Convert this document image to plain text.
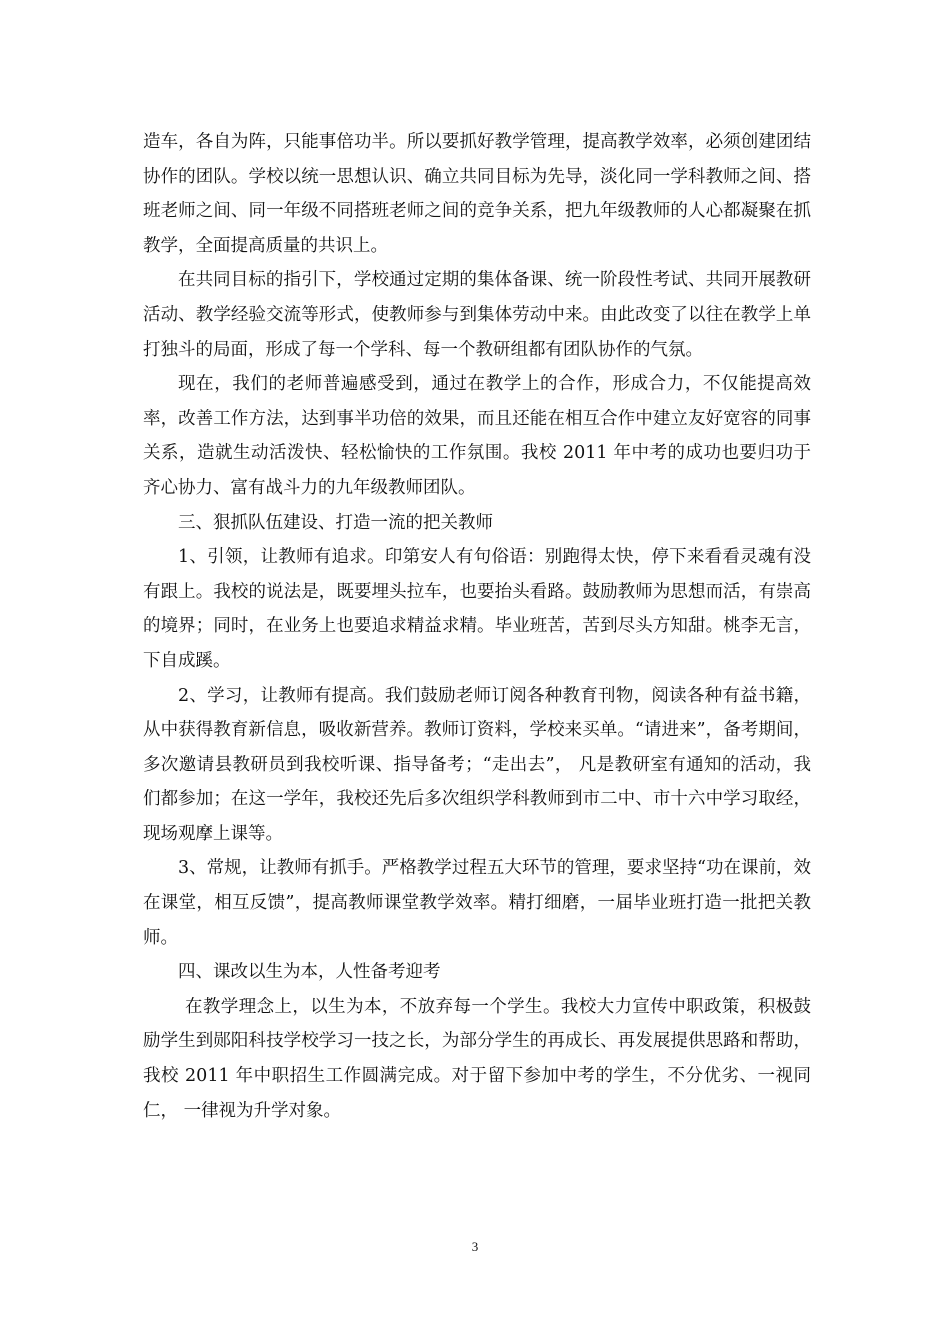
造车，各自为阵，只能事倍功半。所以要抓好教学管理，提高教学效率，必须创建团结协作的团队。学校以统一思想认识、确立共同目标为先导，淡化同一学科教师之间、搭班老师之间、同一年级不同搭班老师之间的竞争关系，把九年级教师的人心都凝聚在抓教学，全面提高质量的共识上。

在共同目标的指引下，学校通过定期的集体备课、统一阶段性考试、共同开展教研活动、教学经验交流等形式，使教师参与到集体劳动中来。由此改变了以往在教学上单打独斗的局面，形成了每一个学科、每一个教研组都有团队协作的气氛。

现在，我们的老师普遍感受到，通过在教学上的合作，形成合力，不仅能提高效率，改善工作方法，达到事半功倍的效果，而且还能在相互合作中建立友好宽容的同事关系，造就生动活泼快、轻松愉快的工作氛围。我校 2011 年中考的成功也要归功于齐心协力、富有战斗力的九年级教师团队。

三、狠抓队伍建设、打造一流的把关教师

1、引领，让教师有追求。印第安人有句俗语：别跑得太快，停下来看看灵魂有没有跟上。我校的说法是，既要埋头拉车，也要抬头看路。鼓励教师为思想而活，有崇高的境界；同时，在业务上也要追求精益求精。毕业班苦，苦到尽头方知甜。桃李无言，下自成蹊。

2、学习，让教师有提高。我们鼓励老师订阅各种教育刊物，阅读各种有益书籍，从中获得教育新信息，吸收新营养。教师订资料，学校来买单。“请进来”，备考期间，多次邀请县教研员到我校听课、指导备考；“走出去”， 凡是教研室有通知的活动，我们都参加；在这一学年，我校还先后多次组织学科教师到市二中、市十六中学习取经， 现场观摩上课等。

3、常规，让教师有抓手。严格教学过程五大环节的管理，要求坚持“功在课前，效在课堂，相互反馈”，提高教师课堂教学效率。精打细磨，一届毕业班打造一批把关教师。

四、课改以生为本，人性备考迎考

在教学理念上，以生为本，不放弃每一个学生。我校大力宣传中职政策，积极鼓励学生到郧阳科技学校学习一技之长，为部分学生的再成长、再发展提供思路和帮助，我校 2011 年中职招生工作圆满完成。对于留下参加中考的学生，不分优劣、一视同仁， 一律视为升学对象。

3
